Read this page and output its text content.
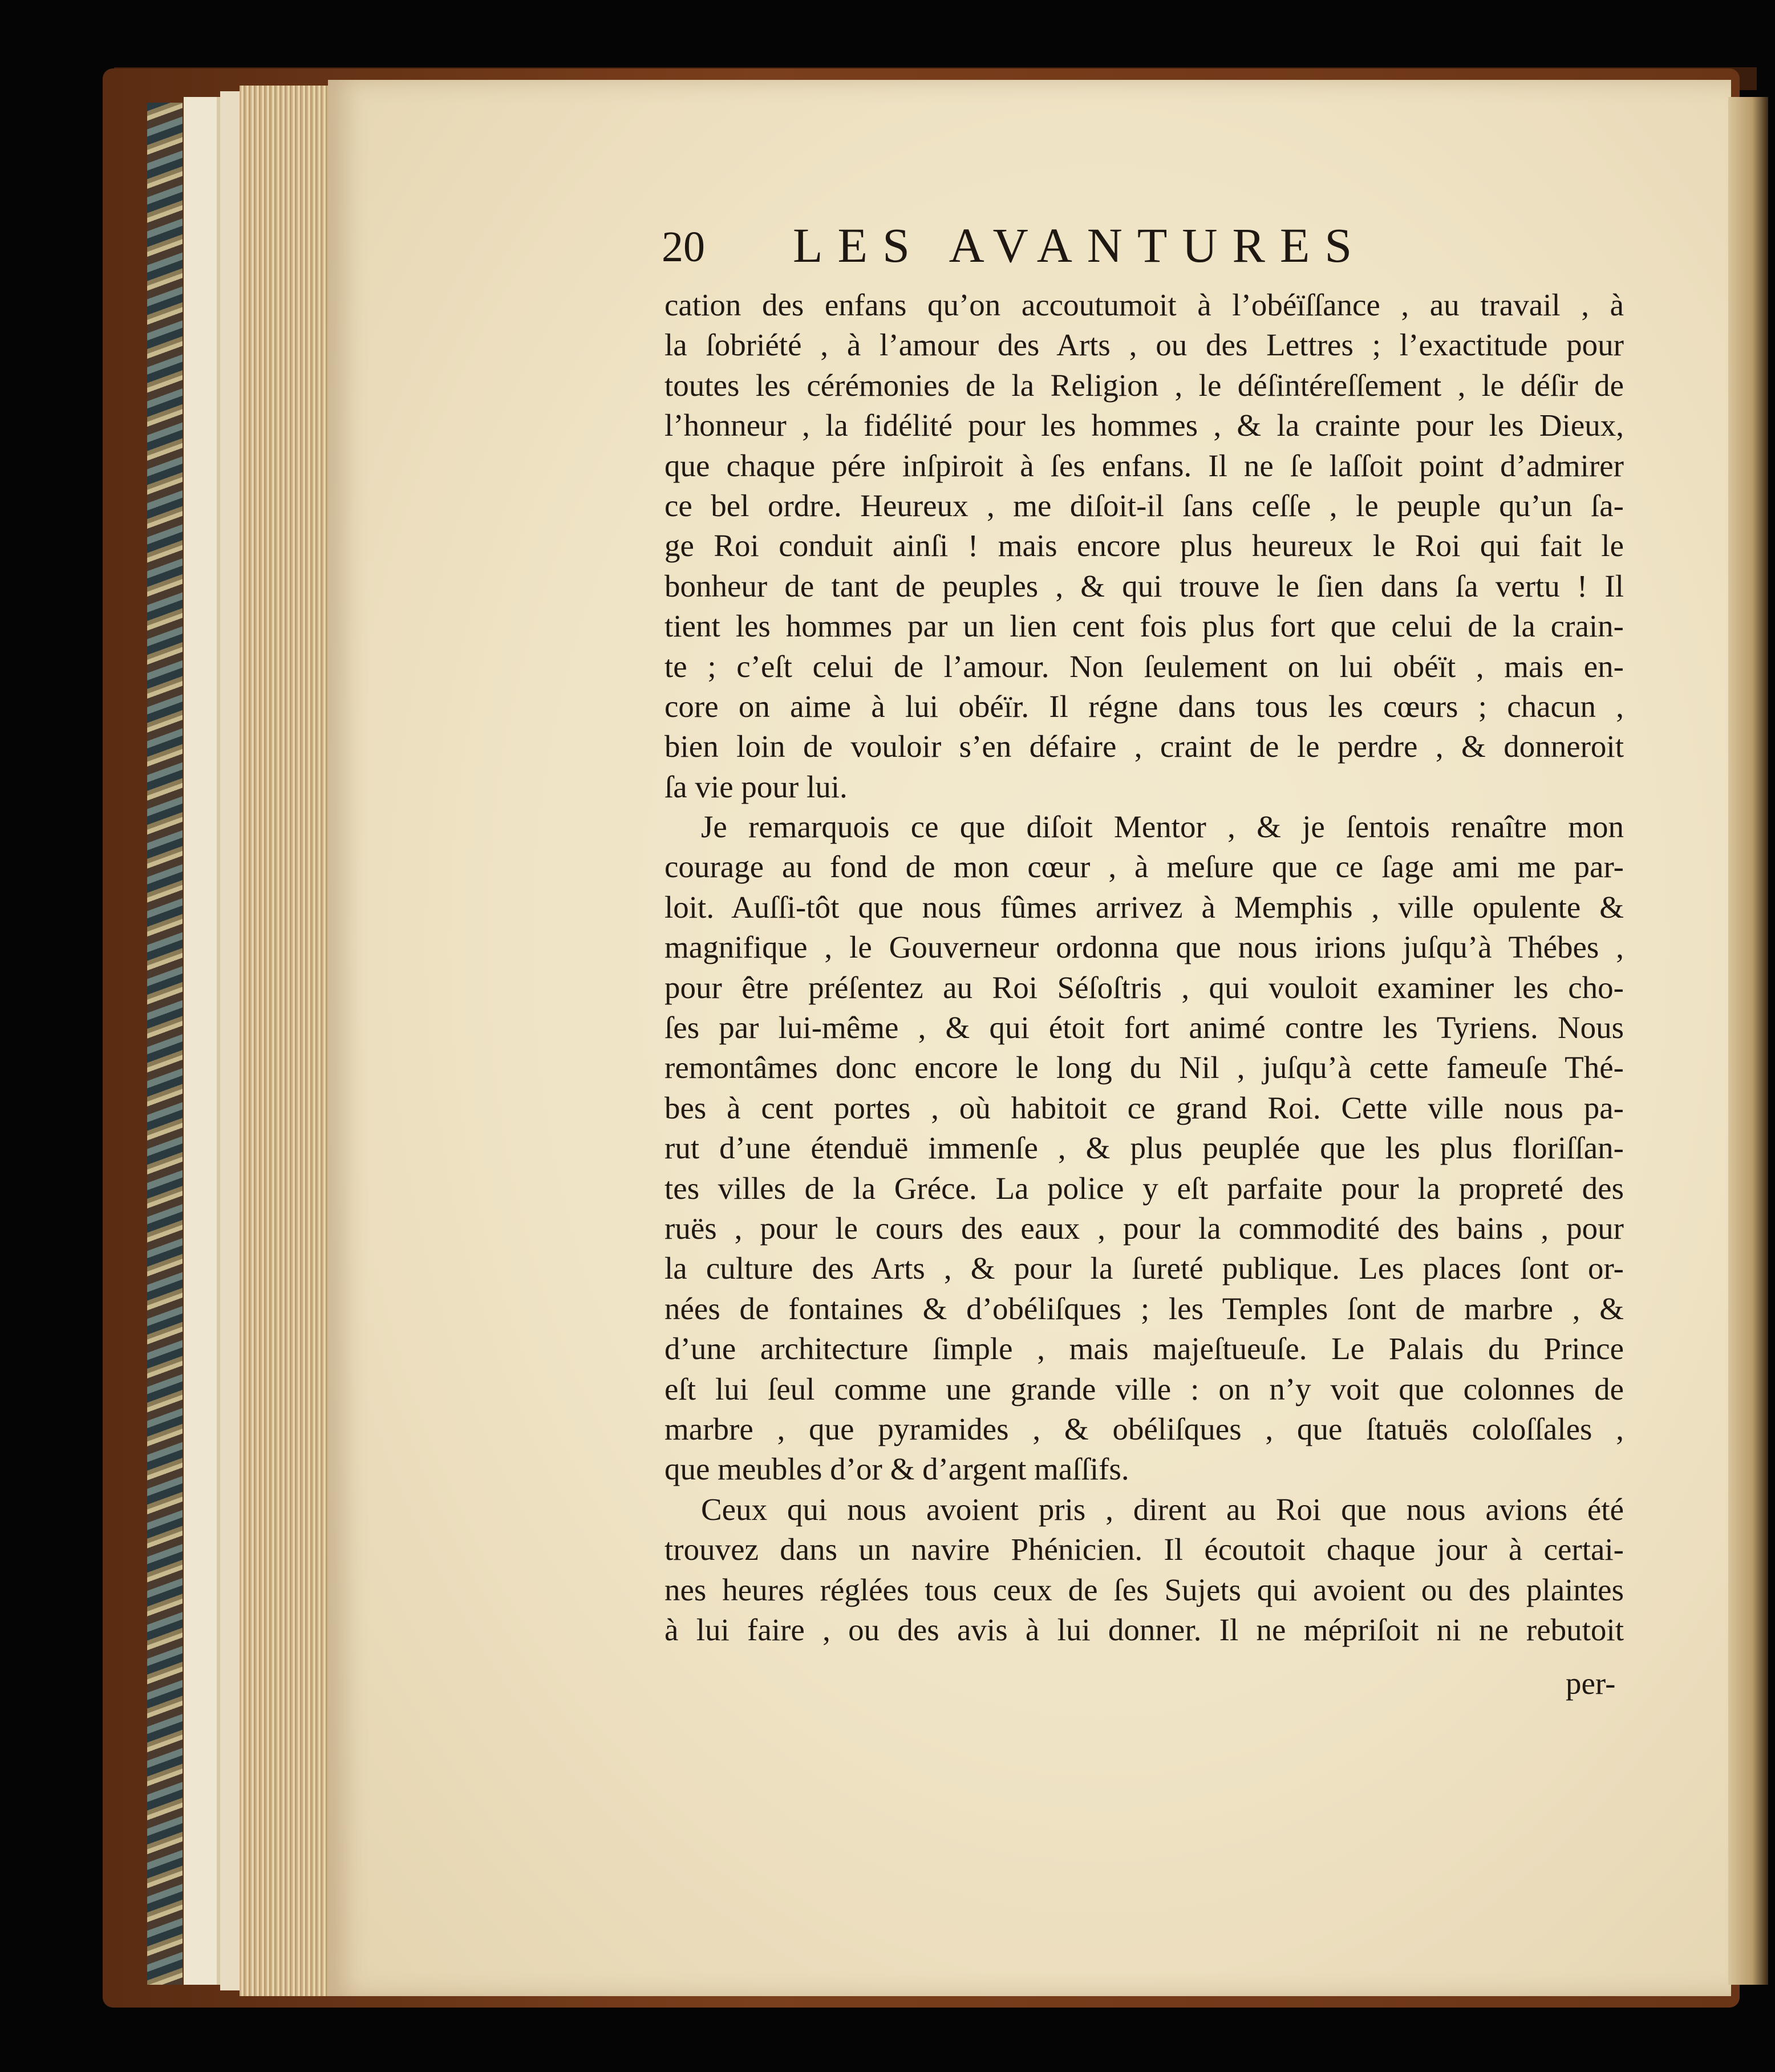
20 LES AVANTURES
cation des enfans qu’on accoutumoit à l’obéïſſance , au travail , à
la ſobriété , à l’amour des Arts , ou des Lettres ; l’exactitude pour
toutes les cérémonies de la Religion , le déſintéreſſement , le déſir de
l’honneur , la fidélité pour les hommes , & la crainte pour les Dieux,
que chaque pére inſpiroit à ſes enfans. Il ne ſe laſſoit point d’admirer
ce bel ordre. Heureux , me diſoit-il ſans ceſſe , le peuple qu’un ſa-
ge Roi conduit ainſi ! mais encore plus heureux le Roi qui fait le
bonheur de tant de peuples , & qui trouve le ſien dans ſa vertu ! Il
tient les hommes par un lien cent fois plus fort que celui de la crain-
te ; c’eſt celui de l’amour. Non ſeulement on lui obéït , mais en-
core on aime à lui obéïr. Il régne dans tous les cœurs ; chacun ,
bien loin de vouloir s’en défaire , craint de le perdre , & donneroit
ſa vie pour lui.
Je remarquois ce que diſoit Mentor , & je ſentois renaître mon
courage au fond de mon cœur , à meſure que ce ſage ami me par-
loit. Auſſi-tôt que nous fûmes arrivez à Memphis , ville opulente &
magnifique , le Gouverneur ordonna que nous irions juſqu’à Thébes ,
pour être préſentez au Roi Séſoſtris , qui vouloit examiner les cho-
ſes par lui-même , & qui étoit fort animé contre les Tyriens. Nous
remontâmes donc encore le long du Nil , juſqu’à cette fameuſe Thé-
bes à cent portes , où habitoit ce grand Roi. Cette ville nous pa-
rut d’une étenduë immenſe , & plus peuplée que les plus floriſſan-
tes villes de la Gréce. La police y eſt parfaite pour la propreté des
ruës , pour le cours des eaux , pour la commodité des bains , pour
la culture des Arts , & pour la ſureté publique. Les places ſont or-
nées de fontaines & d’obéliſques ; les Temples ſont de marbre , &
d’une architecture ſimple , mais majeſtueuſe. Le Palais du Prince
eſt lui ſeul comme une grande ville : on n’y voit que colonnes de
marbre , que pyramides , & obéliſques , que ſtatuës coloſſales ,
que meubles d’or & d’argent maſſifs.
Ceux qui nous avoient pris , dirent au Roi que nous avions été
trouvez dans un navire Phénicien. Il écoutoit chaque jour à certai-
nes heures réglées tous ceux de ſes Sujets qui avoient ou des plaintes
à lui faire , ou des avis à lui donner. Il ne mépriſoit ni ne rebutoit
per-
